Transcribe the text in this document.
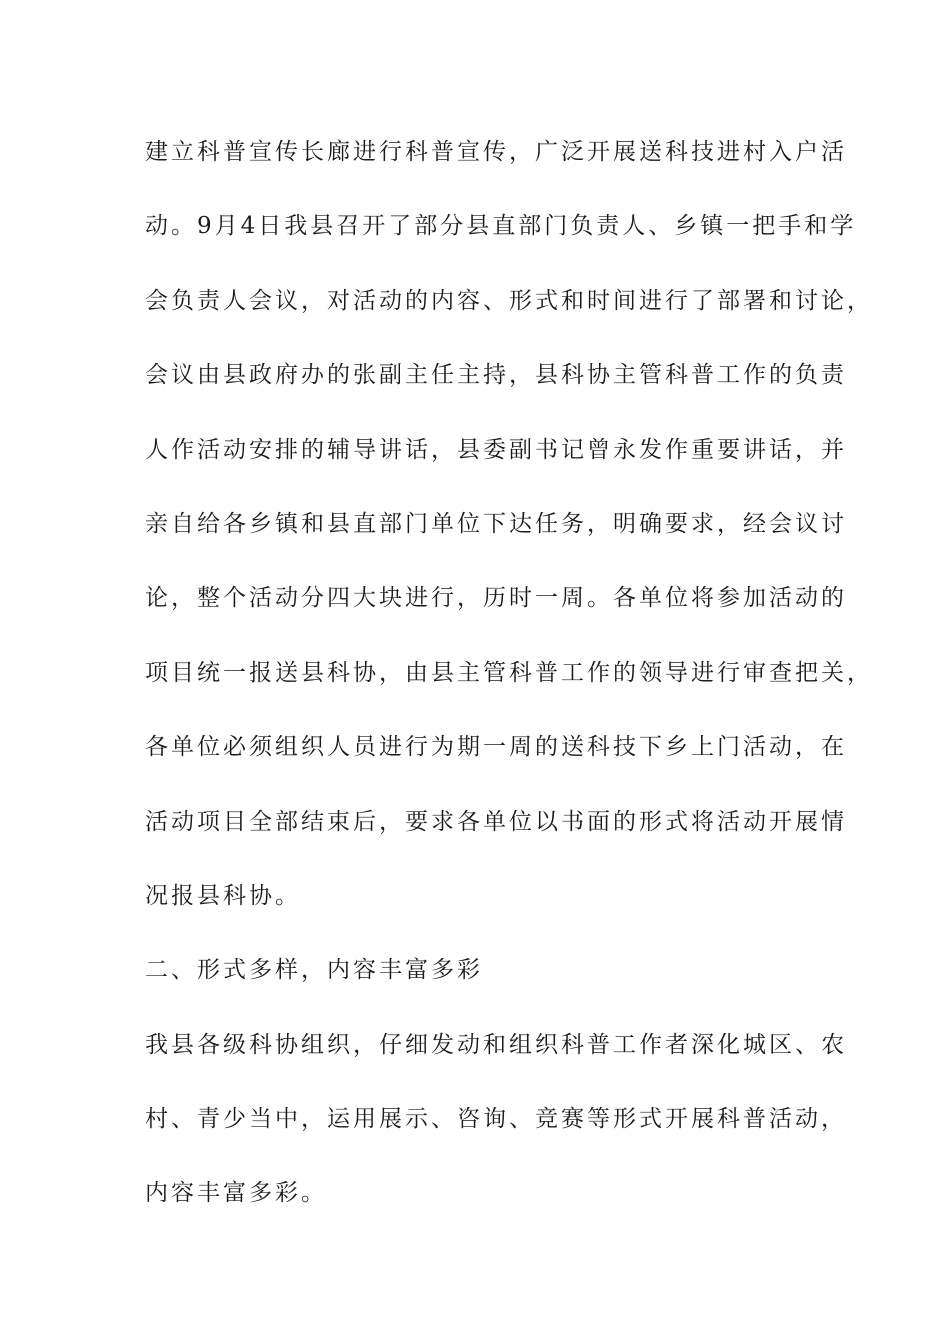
建立科普宣传长廊进行科普宣传，广泛开展送科技进村入户活
动。9月4日我县召开了部分县直部门负责人、乡镇一把手和学
会负责人会议，对活动的内容、形式和时间进行了部署和讨论，
会议由县政府办的张副主任主持，县科协主管科普工作的负责
人作活动安排的辅导讲话，县委副书记曾永发作重要讲话，并
亲自给各乡镇和县直部门单位下达任务，明确要求，经会议讨
论，整个活动分四大块进行，历时一周。各单位将参加活动的
项目统一报送县科协，由县主管科普工作的领导进行审查把关，
各单位必须组织人员进行为期一周的送科技下乡上门活动，在
活动项目全部结束后，要求各单位以书面的形式将活动开展情
况报县科协。
二、形式多样，内容丰富多彩
我县各级科协组织，仔细发动和组织科普工作者深化城区、农
村、青少当中，运用展示、咨询、竞赛等形式开展科普活动，
内容丰富多彩。
